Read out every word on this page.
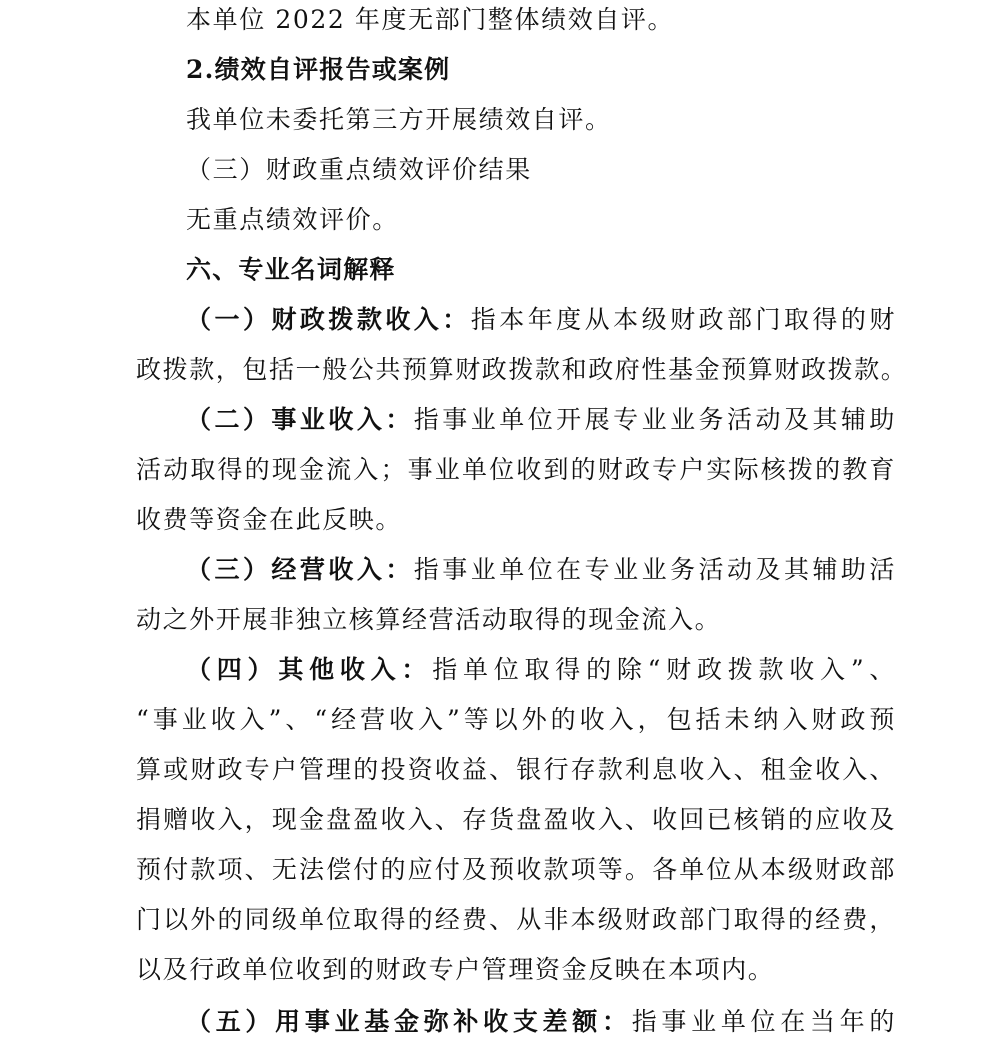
本单位 2022 年度无部门整体绩效自评。
2.绩效自评报告或案例
我单位未委托第三方开展绩效自评。
（三）财政重点绩效评价结果
无重点绩效评价。
六、专业名词解释
（一）财政拨款收入：指本年度从本级财政部门取得的财
政拨款，包括一般公共预算财政拨款和政府性基金预算财政拨款。
（二）事业收入：指事业单位开展专业业务活动及其辅助
活动取得的现金流入；事业单位收到的财政专户实际核拨的教育
收费等资金在此反映。
（三）经营收入：指事业单位在专业业务活动及其辅助活
动之外开展非独立核算经营活动取得的现金流入。
（四）其他收入：指单位取得的除“财政拨款收入”、
“事业收入”、“经营收入”等以外的收入，包括未纳入财政预
算或财政专户管理的投资收益、银行存款利息收入、租金收入、
捐赠收入，现金盘盈收入、存货盘盈收入、收回已核销的应收及
预付款项、无法偿付的应付及预收款项等。各单位从本级财政部
门以外的同级单位取得的经费、从非本级财政部门取得的经费，
以及行政单位收到的财政专户管理资金反映在本项内。
（五）用事业基金弥补收支差额：指事业单位在当年的
